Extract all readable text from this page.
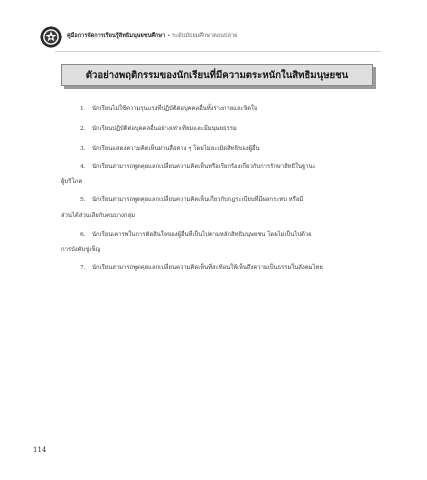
คู่มือการจัดการเรียนรู้สิทธิมนุษยชนศึกษา • ระดับมัธยมศึกษาตอนปลาย
ตัวอย่างพฤติกรรมของนักเรียนที่มีความตระหนักในสิทธิมนุษยชน
1. นักเรียนไม่ใช้ความรุนแรงที่ปฏิบัติต่อบุคคลอื่นทั้งร่างกายและจิตใจ
2. นักเรียนปฏิบัติต่อบุคคลอื่นอย่างเท่าเทียมและมีมนุษยธรรม
3. นักเรียนแสดงความคิดเห็นผ่านสื่อต่าง ๆ โดยไม่ละเมิดสิทธิของผู้อื่น
4. นักเรียนสามารถพูดคุยแลกเปลี่ยนความคิดเห็นหรือเรียกร้องเกี่ยวกับการรักษาสิทธิในฐานะ
ผู้บริโภค
5. นักเรียนสามารถพูดคุยแลกเปลี่ยนความคิดเห็นเกี่ยวกับกฎระเบียบที่มีผลกระทบ หรือมี
ส่วนได้ส่วนเสียกับคนบางกลุ่ม
6. นักเรียนเคารพในการตัดสินใจของผู้อื่นที่เป็นไปตามหลักสิทธิมนุษยชน โดยไม่เป็นไปด้วย
การบังคับขู่เข็ญ
7. นักเรียนสามารถพูดคุยแลกเปลี่ยนความคิดเห็นที่สะท้อนให้เห็นถึงความเป็นธรรมในสังคมไทย
114
